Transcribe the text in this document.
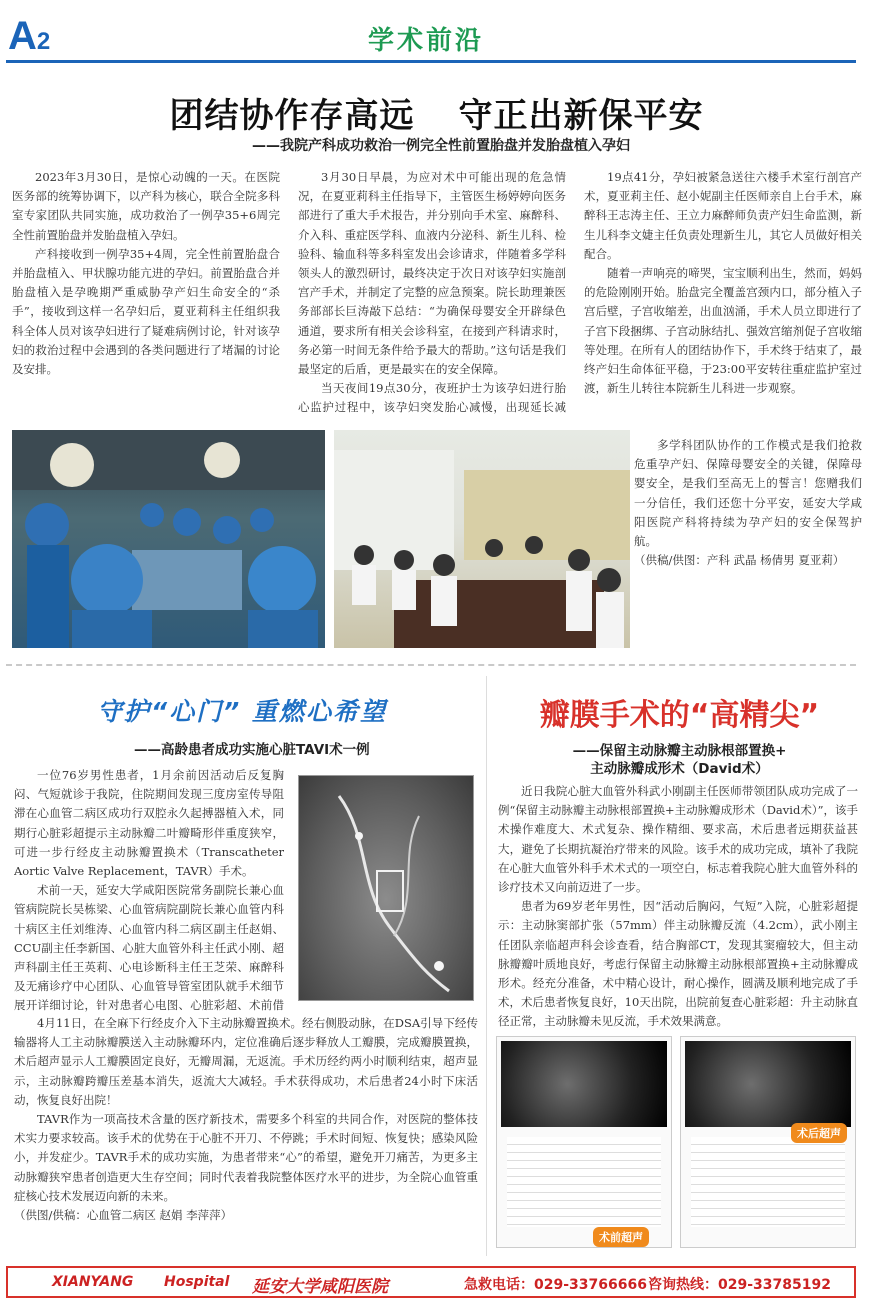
A2	学术前沿
团结协作存高远 守正出新保平安
——我院产科成功救治一例完全性前置胎盘并发胎盘植入孕妇

2023年3月30日，是惊心动魄的一天。在医院医务部的统筹协调下，以产科为核心，联合全院多科室专家团队共同实施，成功救治了一例孕35+6周完全性前置胎盘并发胎盘植入孕妇。

产科接收到一例孕35+4周，完全性前置胎盘合并胎盘植入、甲状腺功能亢进的孕妇。前置胎盘合并胎盘植入是孕晚期严重威胁孕产妇生命安全的“杀手”，接收到这样一名孕妇后，夏亚莉科主任组织我科全体人员对该孕妇进行了疑难病例讨论，针对该孕妇的救治过程中会遇到的各类问题进行了堵漏的讨论及安排。

3月30日早晨，为应对术中可能出现的危急情况，在夏亚莉科主任指导下，主管医生杨婷婷向医务部进行了重大手术报告，并分别向手术室、麻醉科、介入科、重症医学科、血液内分泌科、新生儿科、检验科、输血科等多科室发出会诊请求，伴随着多学科领头人的激烈研讨，最终决定于次日对该孕妇实施剖宫产手术，并制定了完整的应急预案。院长助理兼医务部部长巨涛敲下总结：“为确保母婴安全开辟绿色通道，要求所有相关会诊科室，在接到产科请求时，务必第一时间无条件给予最大的帮助。”这句话是我们最坚定的后盾，更是最实在的安全保障。

当天夜间19点30分，夜班护士为该孕妇进行胎心监护过程中，该孕妇突发胎心减慢，出现延长减

19点41分，孕妇被紧急送往六楼手术室行剖宫产术，夏亚莉主任、赵小妮副主任医师亲自上台手术，麻醉科王志涛主任、王立力麻醉师负责产妇生命监测，新生儿科李文婕主任负责处理新生儿，其它人员做好相关配合。

随着一声响亮的啼哭，宝宝顺利出生，然而，妈妈的危险刚刚开始。胎盘完全覆盖宫颈内口，部分植入子宫后壁，子宫收缩差，出血汹涌，手术人员立即进行了子宫下段捆绑、子宫动脉结扎、强效宫缩剂促子宫收缩等处理。在所有人的团结协作下，手术终于结束了，最终产妇生命体征平稳，于23:00平安转往重症监护室过渡，新生儿转往本院新生儿科进一步观察。

多学科团队协作的工作模式是我们抢救危重孕产妇、保障母婴安全的关键，保障母婴安全，是我们至高无上的誓言！您赠我们一分信任，我们还您十分平安，延安大学咸阳医院产科将持续为孕产妇的安全保驾护航。

（供稿/供图：产科 武晶 杨倩男 夏亚莉）

守护“心门” 重燃心希望
——高龄患者成功实施心脏TAVI术一例

一位76岁男性患者，1月余前因活动后反复胸闷、气短就诊于我院，住院期间发现三度房室传导阻滞在心血管二病区成功行双腔永久起搏器植入术，同期行心脏彩超提示主动脉瓣二叶瓣畸形伴重度狭窄，可进一步行经皮主动脉瓣置换术（Transcatheter Aortic Valve Replacement，TAVR）手术。

术前一天，延安大学咸阳医院常务副院长兼心血管病院院长吴栋梁、心血管病院副院长兼心血管内科十病区主任刘维涛、心血管内科二病区副主任赵娟、CCU副主任李新国、心脏大血管外科主任武小刚、超声科副主任王英莉、心电诊断科主任王芝荣、麻醉科及无痛诊疗中心团队、心血管导管室团队就手术细节展开详细讨论，针对患者心电图、心脏彩超、术前借

4月11日，在全麻下行经皮介入下主动脉瓣置换术。经右侧股动脉，在DSA引导下经传输器将人工主动脉瓣膜送入主动脉瓣环内，定位准确后逐步释放人工瓣膜，完成瓣膜置换，术后超声显示人工瓣膜固定良好，无瓣周漏，无返流。手术历经约两小时顺利结束，超声显示，主动脉瓣跨瓣压差基本消失，返流大大减轻。手术获得成功，术后患者24小时下床活动，恢复良好出院！

TAVR作为一项高技术含量的医疗新技术，需要多个科室的共同合作，对医院的整体技术实力要求较高。该手术的优势在于心脏不开刀、不停跳；手术时间短、恢复快；感染风险小，并发症少。TAVR手术的成功实施，为患者带来“心”的希望，避免开刀痛苦，为更多主动脉瓣狭窄患者创造更大生存空间；同时代表着我院整体医疗水平的进步，为全院心血管重症核心技术发展迈向新的未来。

（供图/供稿：心血管二病区 赵娟 李萍萍）

瓣膜手术的“高精尖”
——保留主动脉瓣主动脉根部置换+
主动脉瓣成形术（David术）

近日我院心脏大血管外科武小刚副主任医师带领团队成功完成了一例“保留主动脉瓣主动脉根部置换+主动脉瓣成形术（David术）”，该手术操作难度大、术式复杂、操作精细、要求高，术后患者远期获益甚大，避免了长期抗凝治疗带来的风险。该手术的成功完成，填补了我院在心脏大血管外科手术术式的一项空白，标志着我院心脏大血管外科的诊疗技术又向前迈进了一步。

患者为69岁老年男性，因“活动后胸闷，气短”入院，心脏彩超提示：主动脉窦部扩张（57mm）伴主动脉瓣反流（4.2cm），武小刚主任团队亲临超声科会诊查看，结合胸部CT，发现其窦瘤较大，但主动脉瓣瓣叶质地良好，考虑行保留主动脉瓣主动脉根部置换+主动脉瓣成形术。经充分准备，术中精心设计，耐心操作，圆满及顺利地完成了手术，术后患者恢复良好，10天出院，出院前复查心脏彩超：升主动脉直径正常，主动脉瓣未见反流，手术效果满意。

术前超声
术后超声
XIANYANG Hospital 延安大学咸阳医院	急救电话：029-33766666 咨询热线：029-33785192
